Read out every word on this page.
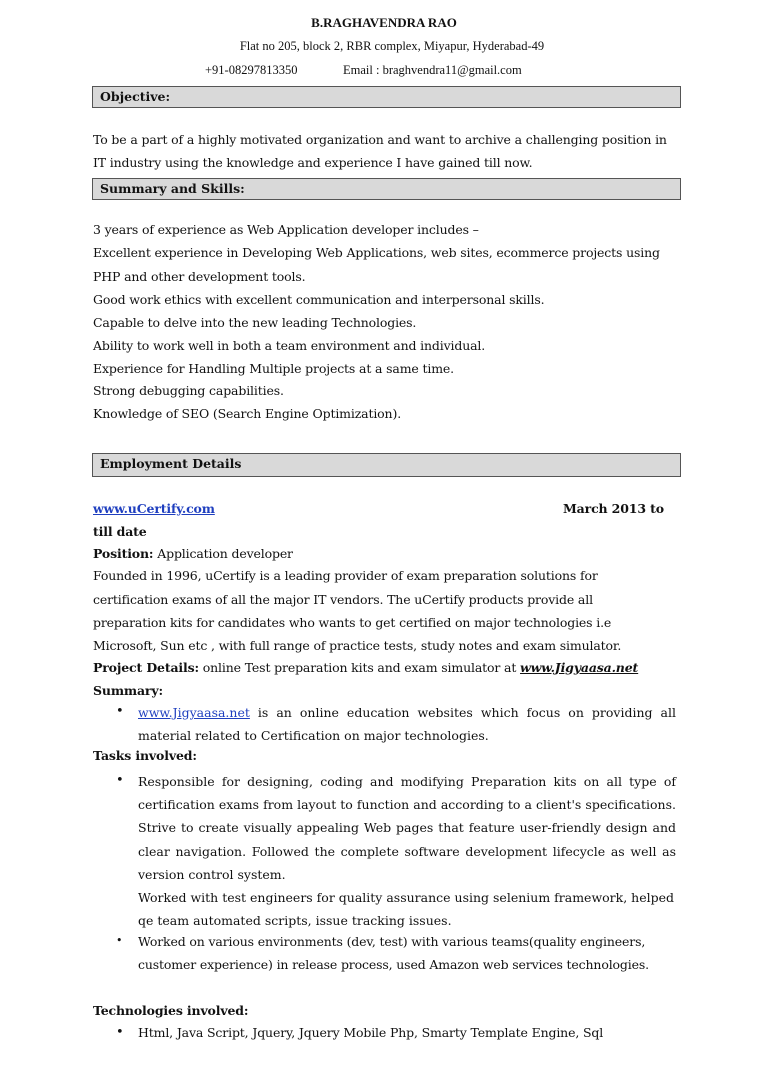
B.RAGHAVENDRA RAO
Flat no 205, block 2, RBR complex, Miyapur, Hyderabad-49
+91-08297813350	Email : braghvendra11@gmail.com
Objective:
To be a part of a highly motivated organization and want to archive a challenging position in
IT industry using the knowledge and experience I have gained till now.
Summary and Skills:
3 years of experience as Web Application developer includes –
Excellent experience in Developing Web Applications, web sites, ecommerce projects using
PHP and other development tools.
Good work ethics with excellent communication and interpersonal skills.
Capable to delve into the new leading Technologies.
Ability to work well in both a team environment and individual.
Experience for Handling Multiple projects at a same time.
Strong debugging capabilities.
Knowledge of SEO (Search Engine Optimization).
Employment Details
www.uCertify.com	March 2013 to
till date
Position: Application developer
Founded in 1996, uCertify is a leading provider of exam preparation solutions for
certification exams of all the major IT vendors. The uCertify products provide all
preparation kits for candidates who wants to get certified on major technologies i.e
Microsoft, Sun etc , with full range of practice tests, study notes and exam simulator.
Project Details: online Test preparation kits and exam simulator at www.Jigyaasa.net
Summary:
• www.Jigyaasa.net is an online education websites which focus on providing all
material related to Certification on major technologies.
Tasks involved:
• Responsible for designing, coding and modifying Preparation kits on all type of certification exams from layout to function and according to a client's specifications. Strive to create visually appealing Web pages that feature user-friendly design and clear navigation. Followed the complete software development lifecycle as well as version control system.
Worked with test engineers for quality assurance using selenium framework, helped
qe team automated scripts, issue tracking issues.
• Worked on various environments (dev, test) with various teams(quality engineers,
customer experience) in release process, used Amazon web services technologies.
Technologies involved:
• Html, Java Script, Jquery, Jquery Mobile Php, Smarty Template Engine, Sql
